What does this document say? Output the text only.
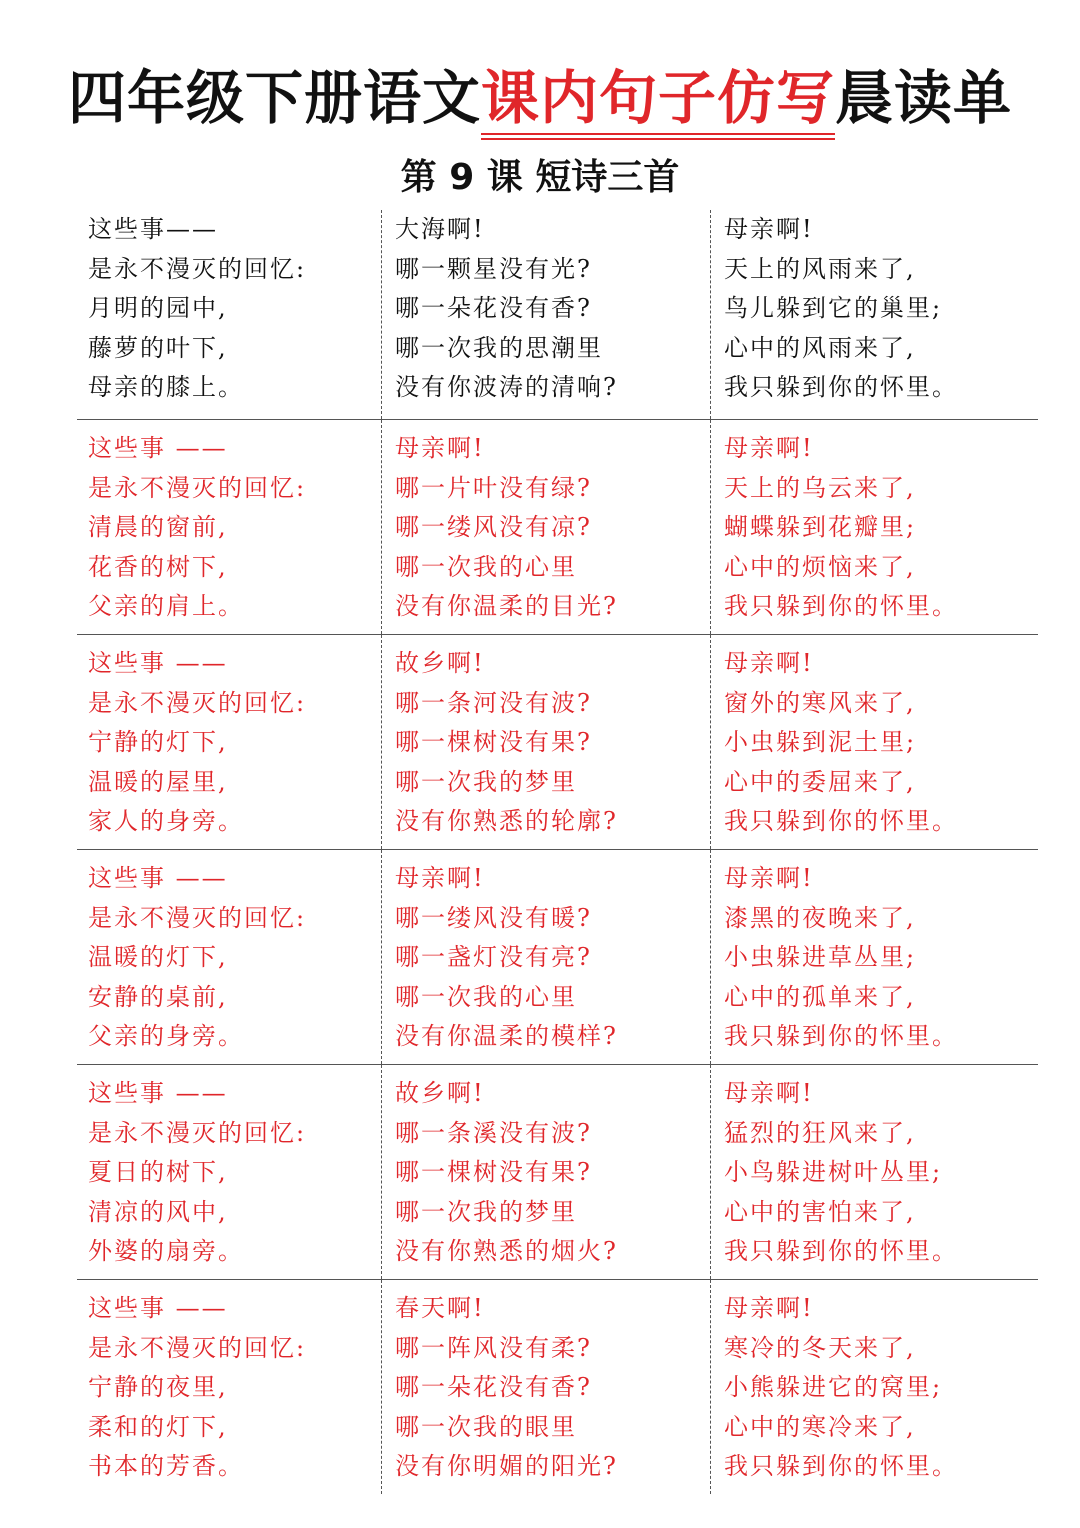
四年级下册语文课内句子仿写晨读单
第 9 课 短诗三首
这些事——
是永不漫灭的回忆:
月明的园中,
藤萝的叶下,
母亲的膝上。
大海啊!
哪一颗星没有光?
哪一朵花没有香?
哪一次我的思潮里
没有你波涛的清响?
母亲啊!
天上的风雨来了,
鸟儿躲到它的巢里;
心中的风雨来了,
我只躲到你的怀里。
这些事 ——
是永不漫灭的回忆:
清晨的窗前,
花香的树下,
父亲的肩上。
母亲啊!
哪一片叶没有绿?
哪一缕风没有凉?
哪一次我的心里
没有你温柔的目光?
母亲啊!
天上的乌云来了,
蝴蝶躲到花瓣里;
心中的烦恼来了,
我只躲到你的怀里。
这些事 ——
是永不漫灭的回忆:
宁静的灯下,
温暖的屋里,
家人的身旁。
故乡啊!
哪一条河没有波?
哪一棵树没有果?
哪一次我的梦里
没有你熟悉的轮廓?
母亲啊!
窗外的寒风来了,
小虫躲到泥土里;
心中的委屈来了,
我只躲到你的怀里。
这些事 ——
是永不漫灭的回忆:
温暖的灯下,
安静的桌前,
父亲的身旁。
母亲啊!
哪一缕风没有暖?
哪一盏灯没有亮?
哪一次我的心里
没有你温柔的模样?
母亲啊!
漆黑的夜晚来了,
小虫躲进草丛里;
心中的孤单来了,
我只躲到你的怀里。
这些事 ——
是永不漫灭的回忆:
夏日的树下,
清凉的风中,
外婆的扇旁。
故乡啊!
哪一条溪没有波?
哪一棵树没有果?
哪一次我的梦里
没有你熟悉的烟火?
母亲啊!
猛烈的狂风来了,
小鸟躲进树叶丛里;
心中的害怕来了,
我只躲到你的怀里。
这些事 ——
是永不漫灭的回忆:
宁静的夜里,
柔和的灯下,
书本的芳香。
春天啊!
哪一阵风没有柔?
哪一朵花没有香?
哪一次我的眼里
没有你明媚的阳光?
母亲啊!
寒冷的冬天来了,
小熊躲进它的窝里;
心中的寒冷来了,
我只躲到你的怀里。
